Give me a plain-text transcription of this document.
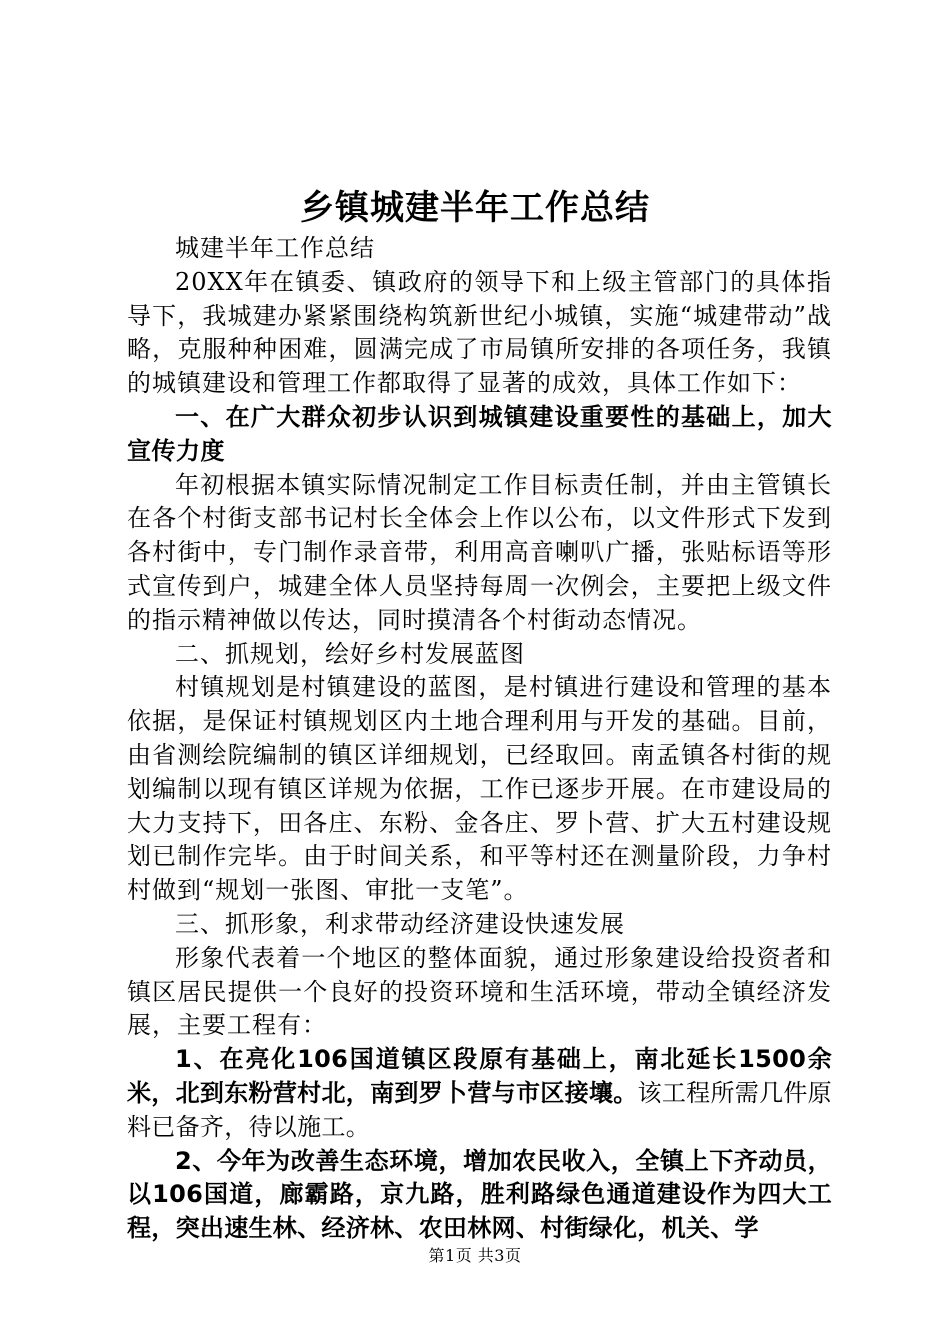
乡镇城建半年工作总结

城建半年工作总结

20XX年在镇委、镇政府的领导下和上级主管部门的具体指导下，我城建办紧紧围绕构筑新世纪小城镇，实施“城建带动”战略，克服种种困难，圆满完成了市局镇所安排的各项任务，我镇的城镇建设和管理工作都取得了显著的成效，具体工作如下：

一、在广大群众初步认识到城镇建设重要性的基础上，加大宣传力度

年初根据本镇实际情况制定工作目标责任制，并由主管镇长在各个村街支部书记村长全体会上作以公布，以文件形式下发到各村街中，专门制作录音带，利用高音喇叭广播，张贴标语等形式宣传到户，城建全体人员坚持每周一次例会，主要把上级文件的指示精神做以传达，同时摸清各个村街动态情况。

二、抓规划，绘好乡村发展蓝图

村镇规划是村镇建设的蓝图，是村镇进行建设和管理的基本依据，是保证村镇规划区内土地合理利用与开发的基础。目前，由省测绘院编制的镇区详细规划，已经取回。南孟镇各村街的规划编制以现有镇区详规为依据，工作已逐步开展。在市建设局的大力支持下，田各庄、东粉、金各庄、罗卜营、扩大五村建设规划已制作完毕。由于时间关系，和平等村还在测量阶段，力争村村做到“规划一张图、审批一支笔”。

三、抓形象，利求带动经济建设快速发展

形象代表着一个地区的整体面貌，通过形象建设给投资者和镇区居民提供一个良好的投资环境和生活环境，带动全镇经济发展，主要工程有：

1、在亮化106国道镇区段原有基础上，南北延长1500余米，北到东粉营村北，南到罗卜营与市区接壤。该工程所需几件原料已备齐，待以施工。

2、今年为改善生态环境，增加农民收入，全镇上下齐动员，以106国道，廊霸路，京九路，胜利路绿色通道建设作为四大工程，突出速生林、经济林、农田林网、村街绿化，机关、学

第1页 共3页
